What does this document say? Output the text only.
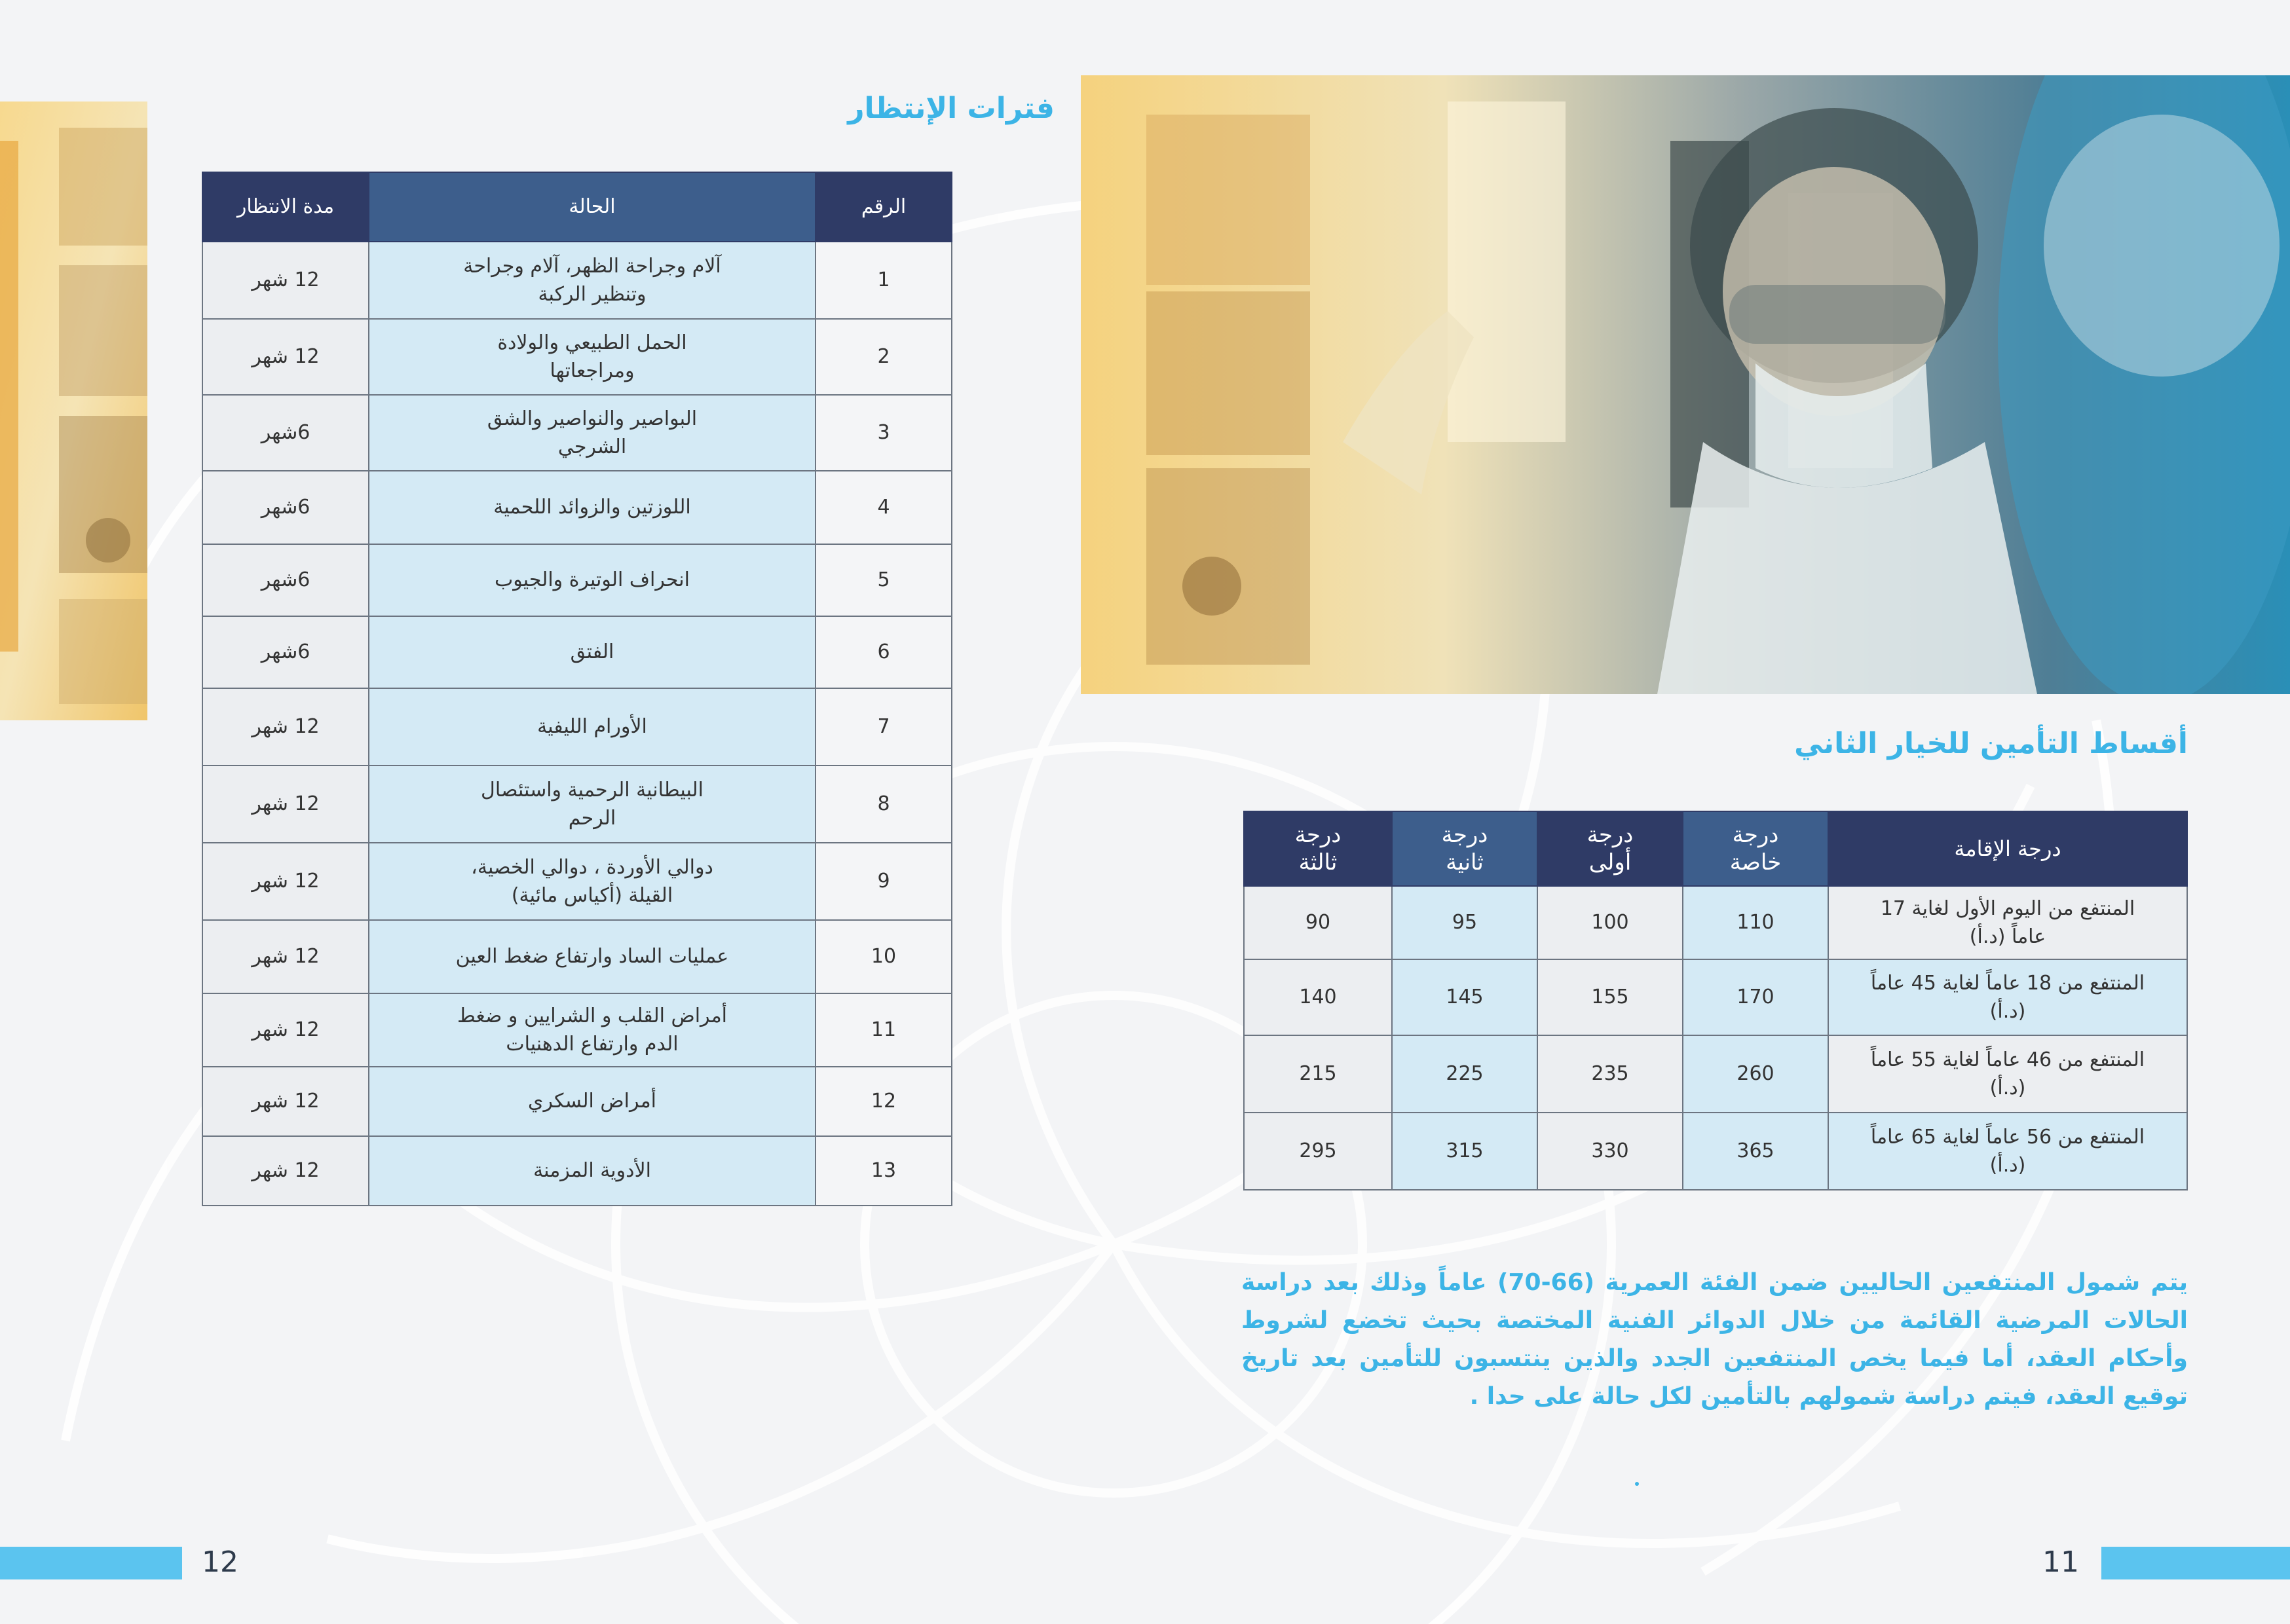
فترات الإنتظار
الرقم	الحالة	مدة الانتظار
1	آلام وجراحة الظهر، آلام وجراحة وتنظير الركبة	12 شهر
2	الحمل الطبيعي والولادة ومراجعاتها	12 شهر
3	البواصير والنواصير والشق الشرجي	6شهر
4	اللوزتين والزوائد اللحمية	6شهر
5	انحراف الوتيرة والجيوب	6شهر
6	الفتق	6شهر
7	الأورام الليفية	12 شهر
8	البيطانية الرحمية واستئصال الرحم	12 شهر
9	دوالي الأوردة ، دوالي الخصية، القيلة (أكياس مائية)	12 شهر
10	عمليات الساد وارتفاع ضغط العين	12 شهر
11	أمراض القلب و الشرايين و ضغط الدم وارتفاع الدهنيات	12 شهر
12	أمراض السكري	12 شهر
13	الأدوية المزمنة	12 شهر
12
أقساط التأمين للخيار الثاني
درجة الإقامة	درجة خاصة	درجة أولى	درجة ثانية	درجة ثالثة
المنتفع من اليوم الأول لغاية 17 عاماً (د.أ)	110	100	95	90
المنتفع من 18 عاماً لغاية 45 عاماً (د.أ)	170	155	145	140
المنتفع من 46 عاماً لغاية 55 عاماً (د.أ)	260	235	225	215
المنتفع من 56 عاماً لغاية 65 عاماً (د.أ)	365	330	315	295
يتم شمول المنتفعين الحاليين ضمن الفئة العمرية (66-70) عاماً وذلك بعد دراسة الحالات المرضية القائمة من خلال الدوائر الفنية المختصة بحيث تخضع لشروط وأحكام العقد، أما فيما يخص المنتفعين الجدد والذين ينتسبون للتأمين بعد تاريخ توقيع العقد، فيتم دراسة شمولهم بالتأمين لكل حالة على حدا .
11
